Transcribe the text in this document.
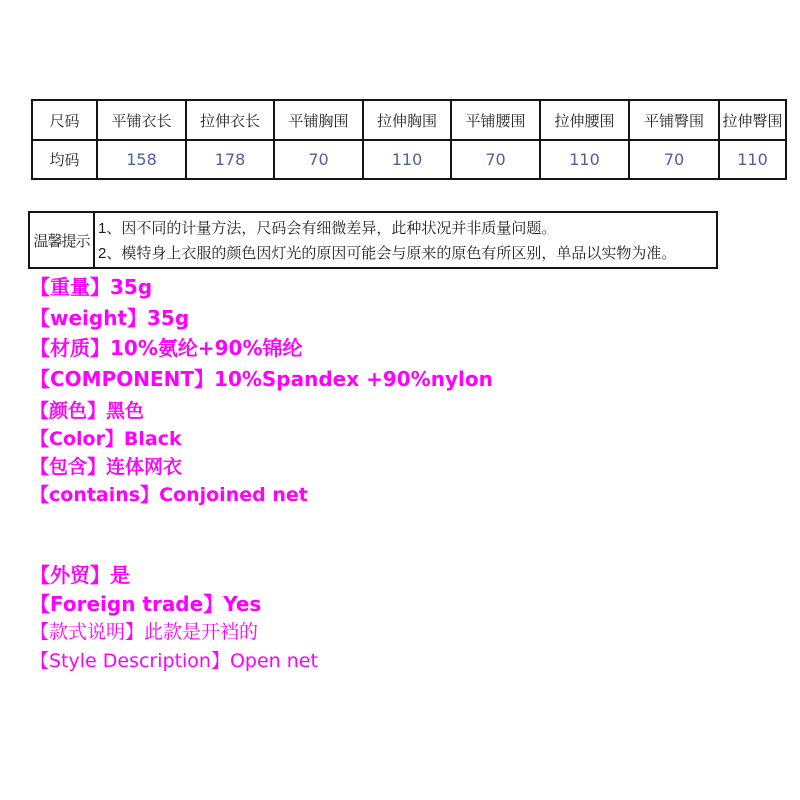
尺码	平铺衣长	拉伸衣长	平铺胸围	拉伸胸围	平铺腰围	拉伸腰围	平铺臀围	拉伸臀围
均码	158	178	70	110	70	110	70	110
温馨提示
1、因不同的计量方法，尺码会有细微差异，此种状况并非质量问题。
2、模特身上衣服的颜色因灯光的原因可能会与原来的原色有所区别，单品以实物为准。
【重量】35g
【weight】35g
【材质】10%氨纶+90%锦纶
【COMPONENT】10%Spandex +90%nylon
【颜色】黑色
【Color】Black
【包含】连体网衣
【contains】Conjoined net
【外贸】是
【Foreign trade】Yes
【款式说明】此款是开裆的
【Style Description】Open net
